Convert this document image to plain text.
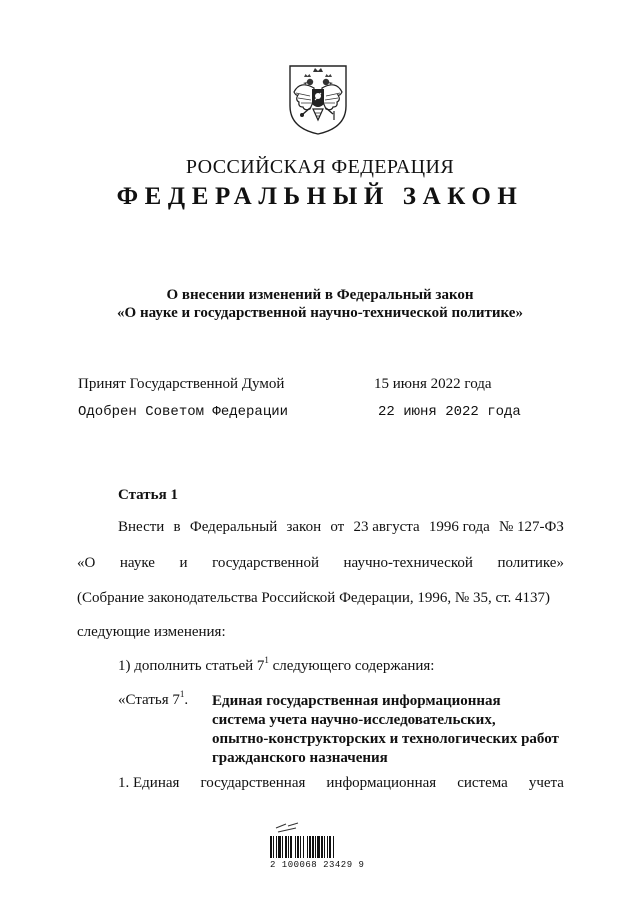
РОССИЙСКАЯ ФЕДЕРАЦИЯ
ФЕДЕРАЛЬНЫЙ ЗАКОН
О внесении изменений в Федеральный закон
«О науке и государственной научно-технической политике»
Принят Государственной Думой	15 июня 2022 года
Одобрен Советом Федерации	22 июня 2022 года
Статья 1
Внести в Федеральный закон от 23 августа 1996 года № 127-ФЗ
«О науке и государственной научно-технической политике»
(Собрание законодательства Российской Федерации, 1996, № 35, ст. 4137)
следующие изменения:
1) дополнить статьей $7^1$ следующего содержания:
«Статья $7^1$. Единая государственная информационная
система учета научно-исследовательских,
опытно-конструкторских и технологических работ
гражданского назначения
1. Единая государственная информационная система учета
2 100068 23429 9
